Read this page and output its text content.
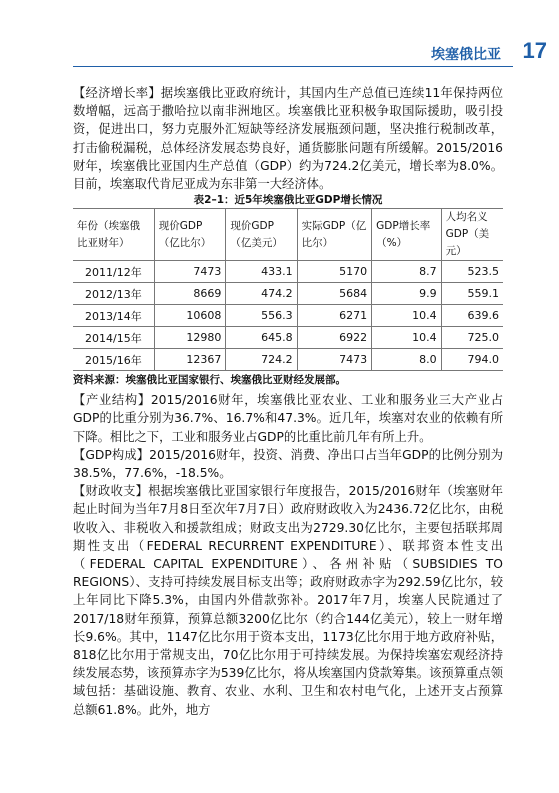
埃塞俄比亚 17

【经济增长率】据埃塞俄比亚政府统计，其国内生产总值已连续11年保持两位数增幅，远高于撒哈拉以南非洲地区。埃塞俄比亚积极争取国际援助，吸引投资，促进出口，努力克服外汇短缺等经济发展瓶颈问题，坚决推行税制改革，打击偷税漏税，总体经济发展态势良好，通货膨胀问题有所缓解。2015/2016财年，埃塞俄比亚国内生产总值（GDP）约为724.2亿美元，增长率为8.0%。目前，埃塞取代肯尼亚成为东非第一大经济体。

表2–1：近5年埃塞俄比亚GDP增长情况
年份（埃塞俄比亚财年）	现价GDP（亿比尔）	现价GDP（亿美元）	实际GDP（亿比尔）	GDP增长率（%）	人均名义GDP（美元）
2011/12年	7473	433.1	5170	8.7	523.5
2012/13年	8669	474.2	5684	9.9	559.1
2013/14年	10608	556.3	6271	10.4	639.6
2014/15年	12980	645.8	6922	10.4	725.0
2015/16年	12367	724.2	7473	8.0	794.0
资料来源：埃塞俄比亚国家银行、埃塞俄比亚财经发展部。

【产业结构】2015/2016财年，埃塞俄比亚农业、工业和服务业三大产业占GDP的比重分别为36.7%、16.7%和47.3%。近几年，埃塞对农业的依赖有所下降。相比之下，工业和服务业占GDP的比重比前几年有所上升。

【GDP构成】2015/2016财年，投资、消费、净出口占当年GDP的比例分别为38.5%，77.6%，-18.5%。

【财政收支】根据埃塞俄比亚国家银行年度报告，2015/2016财年（埃塞财年起止时间为当年7月8日至次年7月7日）政府财政收入为2436.72亿比尔，由税收收入、非税收入和援款组成；财政支出为2729.30亿比尔，主要包括联邦周期性支出（FEDERAL RECURRENT EXPENDITURE）、联邦资本性支出（FEDERAL CAPITAL EXPENDITURE）、各州补贴（SUBSIDIES TO REGIONS）、支持可持续发展目标支出等；政府财政赤字为292.59亿比尔，较上年同比下降5.3%，由国内外借款弥补。2017年7月，埃塞人民院通过了2017/18财年预算，预算总额3200亿比尔（约合144亿美元），较上一财年增长9.6%。其中，1147亿比尔用于资本支出，1173亿比尔用于地方政府补贴，818亿比尔用于常规支出，70亿比尔用于可持续发展。为保持埃塞宏观经济持续发展态势，该预算赤字为539亿比尔，将从埃塞国内贷款筹集。该预算重点领域包括：基础设施、教育、农业、水利、卫生和农村电气化，上述开支占预算总额61.8%。此外，地方
